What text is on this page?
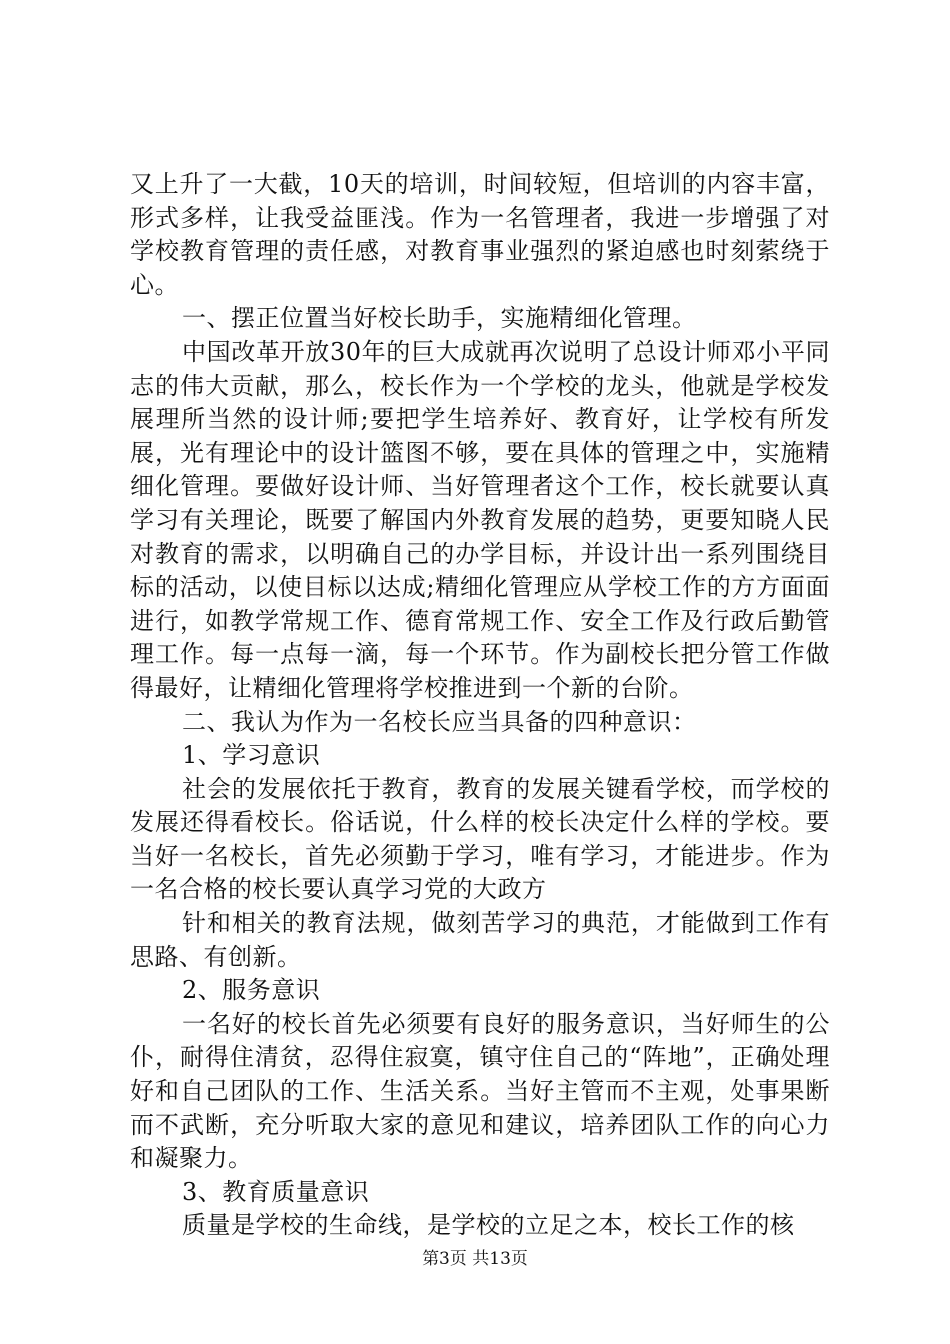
又上升了一大截，10天的培训，时间较短，但培训的内容丰富，形式多样，让我受益匪浅。作为一名管理者，我进一步增强了对学校教育管理的责任感，对教育事业强烈的紧迫感也时刻萦绕于心。

一、摆正位置当好校长助手，实施精细化管理。

中国改革开放30年的巨大成就再次说明了总设计师邓小平同志的伟大贡献，那么，校长作为一个学校的龙头，他就是学校发展理所当然的设计师;要把学生培养好、教育好，让学校有所发展，光有理论中的设计篮图不够，要在具体的管理之中，实施精细化管理。要做好设计师、当好管理者这个工作，校长就要认真学习有关理论，既要了解国内外教育发展的趋势，更要知晓人民对教育的需求，以明确自己的办学目标，并设计出一系列围绕目标的活动，以使目标以达成;精细化管理应从学校工作的方方面面进行，如教学常规工作、德育常规工作、安全工作及行政后勤管理工作。每一点每一滴，每一个环节。作为副校长把分管工作做得最好，让精细化管理将学校推进到一个新的台阶。

二、我认为作为一名校长应当具备的四种意识：

1、学习意识

社会的发展依托于教育，教育的发展关键看学校，而学校的发展还得看校长。俗话说，什么样的校长决定什么样的学校。要当好一名校长，首先必须勤于学习，唯有学习，才能进步。作为一名合格的校长要认真学习党的大政方

针和相关的教育法规，做刻苦学习的典范，才能做到工作有思路、有创新。

2、服务意识

一名好的校长首先必须要有良好的服务意识，当好师生的公仆，耐得住清贫，忍得住寂寞，镇守住自己的“阵地”，正确处理好和自己团队的工作、生活关系。当好主管而不主观，处事果断而不武断，充分听取大家的意见和建议，培养团队工作的向心力和凝聚力。

3、教育质量意识

质量是学校的生命线，是学校的立足之本，校长工作的核

第3页 共13页
